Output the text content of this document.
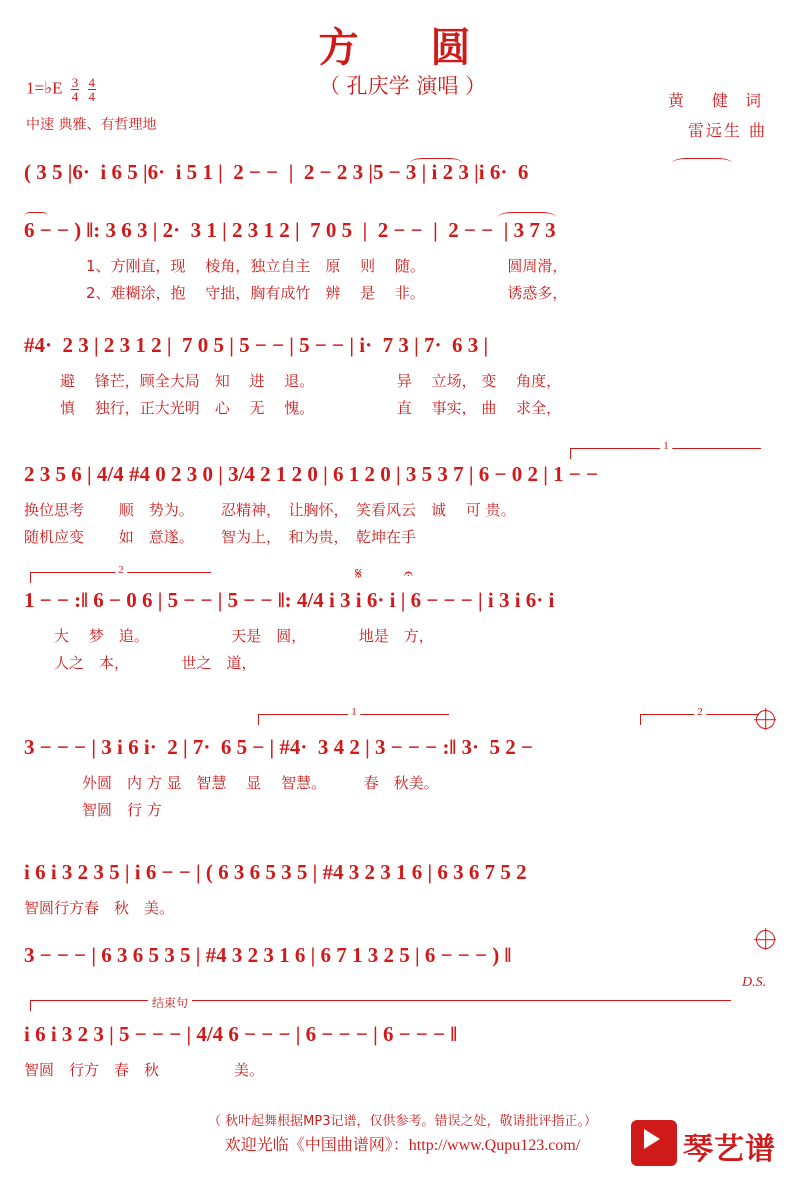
方　圆
（ 孔庆学 演唱 ）
1=♭E $\frac{3}{4}$
$\frac{4}{4}$
中速 典雅、有哲理地
黄　健 词
雷远生 曲
( 3 5 |6·  i 6 5 |6·  i 5 1 |  2 − −  |  2 − 2 3 |5 − 3 | i 2 3 |i 6·  6
6 − − ) ‖: 3 6 3 | 2·  3 1 | 2 3 1 2 |  7 0 5  |  2 − −  |  2 − −  | 3 7 3
1、方刚直，现　 棱角，独立自主　原　 则　 随。　　　　　　圆周滑，
2、难糊涂，抱　 守拙，胸有成竹　辨　 是　 非。　　　　　　诱惑多，
#4·  2 3 | 2 3 1 2 |  7 0 5 | 5 − − | 5 − − | i·  7 3 | 7·  6 3 |
避　 锋芒，顾全大局　知　 进　 退。　　　　　　异　 立场， 变　 角度，
慎　 独行，正大光明　心　 无　 愧。　　　　　　直　 事实， 曲　 求全，
1
2 3 5 6 | 4/4 #4 0 2 3 0 | 3/4 2 1 2 0 | 6 1 2 0 | 3 5 3 7 | 6 − 0 2 | 1 − −
换位思考　　 顺　势为。　　 忍精神，　让胸怀，　笑看风云　诚　 可 贵。
随机应变　　 如　意遂。　　 智为上，　和为贵，　乾坤在手
2
1 − − :‖ 6 − 0 6 | 5 − − | 5 − − ‖: 4/4 i 3 i 6· i | 6 − − − | i 3 i 6· i
大　 梦　追。　　　　　　天是　圆，　　　　地是　方，
人之　本，　　　　世之　道，
𝄋	𝄐
1	2
3 − − − | 3 i 6 i·  2 | 7·  6 5 − | #4·  3 4 2 | 3 − − − :‖ 3·  5 2 −
外圆　内 方 显　智慧　 显　 智慧。　　　春　秋美。
智圆　行 方
i 6 i 3 2 3 5 | i 6 − − | ( 6 3 6 5 3 5 | #4 3 2 3 1 6 | 6 3 6 7 5 2
智圆行方春　秋　美。
3 − − − | 6 3 6 5 3 5 | #4 3 2 3 1 6 | 6 7 1 3 2 5 | 6 − − − ) ‖
D.S.
结束句
i 6 i 3 2 3 | 5 − − − | 4/4 6 − − − | 6 − − − | 6 − − − ‖
智圆　行方　春　秋　　　　　美。
（ 秋叶起舞根据MP3记谱，仅供参考。错误之处，敬请批评指正。）
欢迎光临《中国曲谱网》：http://www.Qupu123.com/	琴艺谱
